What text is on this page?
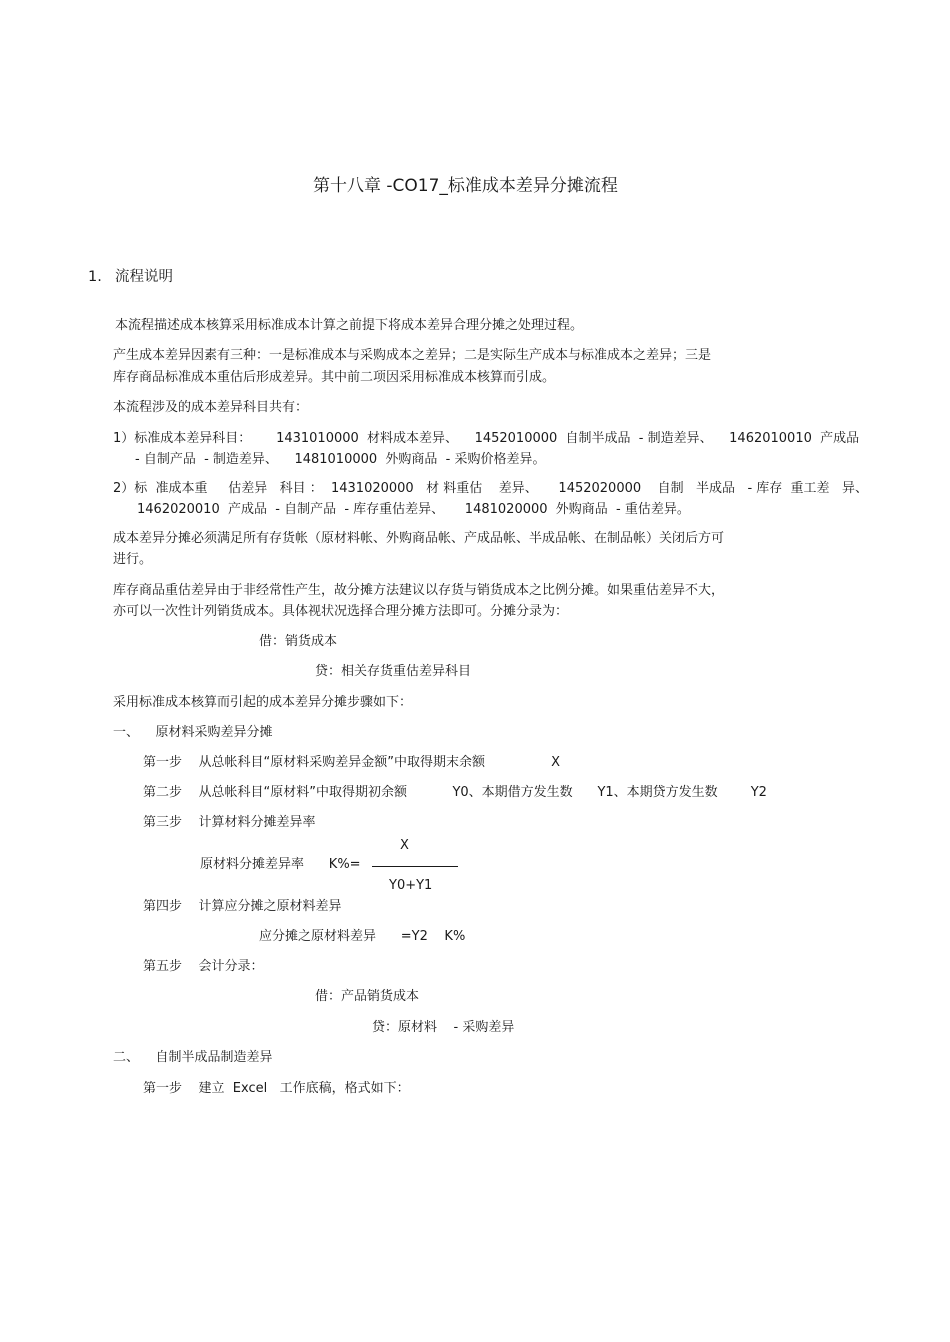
第十八章 -CO17_标准成本差异分摊流程
1. 流程说明
本流程描述成本核算采用标准成本计算之前提下将成本差异合理分摊之处理过程。
产生成本差异因素有三种：一是标准成本与采购成本之差异；二是实际生产成本与标准成本之差异；三是
库存商品标准成本重估后形成差异。其中前二项因采用标准成本核算而引成。
本流程涉及的成本差异科目共有：
1）标准成本差异科目：      1431010000  材料成本差异、    1452010000  自制半成品  - 制造差异、    1462010010  产成品
- 自制产品  - 制造差异、    1481010000  外购商品  - 采购价格差异。
2）标  准成本重     估差异   科目 ：  1431020000   材 料重估    差异、     1452020000    自制   半成品   - 库存  重工差   异、
1462020010  产成品  - 自制产品  - 库存重估差异、     1481020000  外购商品  - 重估差异。
成本差异分摊必须满足所有存货帐（原材料帐、外购商品帐、产成品帐、半成品帐、在制品帐）关闭后方可
进行。
库存商品重估差异由于非经常性产生，故分摊方法建议以存货与销货成本之比例分摊。如果重估差异不大，
亦可以一次性计列销货成本。具体视状况选择合理分摊方法即可。分摊分录为：
借：销货成本
贷：相关存货重估差异科目
采用标准成本核算而引起的成本差异分摊步骤如下：
一、    原材料采购差异分摊
第一步    从总帐科目“原材料采购差异金额”中取得期末余额                X
第二步    从总帐科目“原材料”中取得期初余额           Y0、本期借方发生数      Y1、本期贷方发生数        Y2
第三步    计算材料分摊差异率
X
原材料分摊差异率      K%=
Y0+Y1
第四步    计算应分摊之原材料差异
应分摊之原材料差异      =Y2    K%
第五步    会计分录：
借：产品销货成本
贷：原材料    - 采购差异
二、    自制半成品制造差异
第一步    建立  Excel   工作底稿，格式如下：
